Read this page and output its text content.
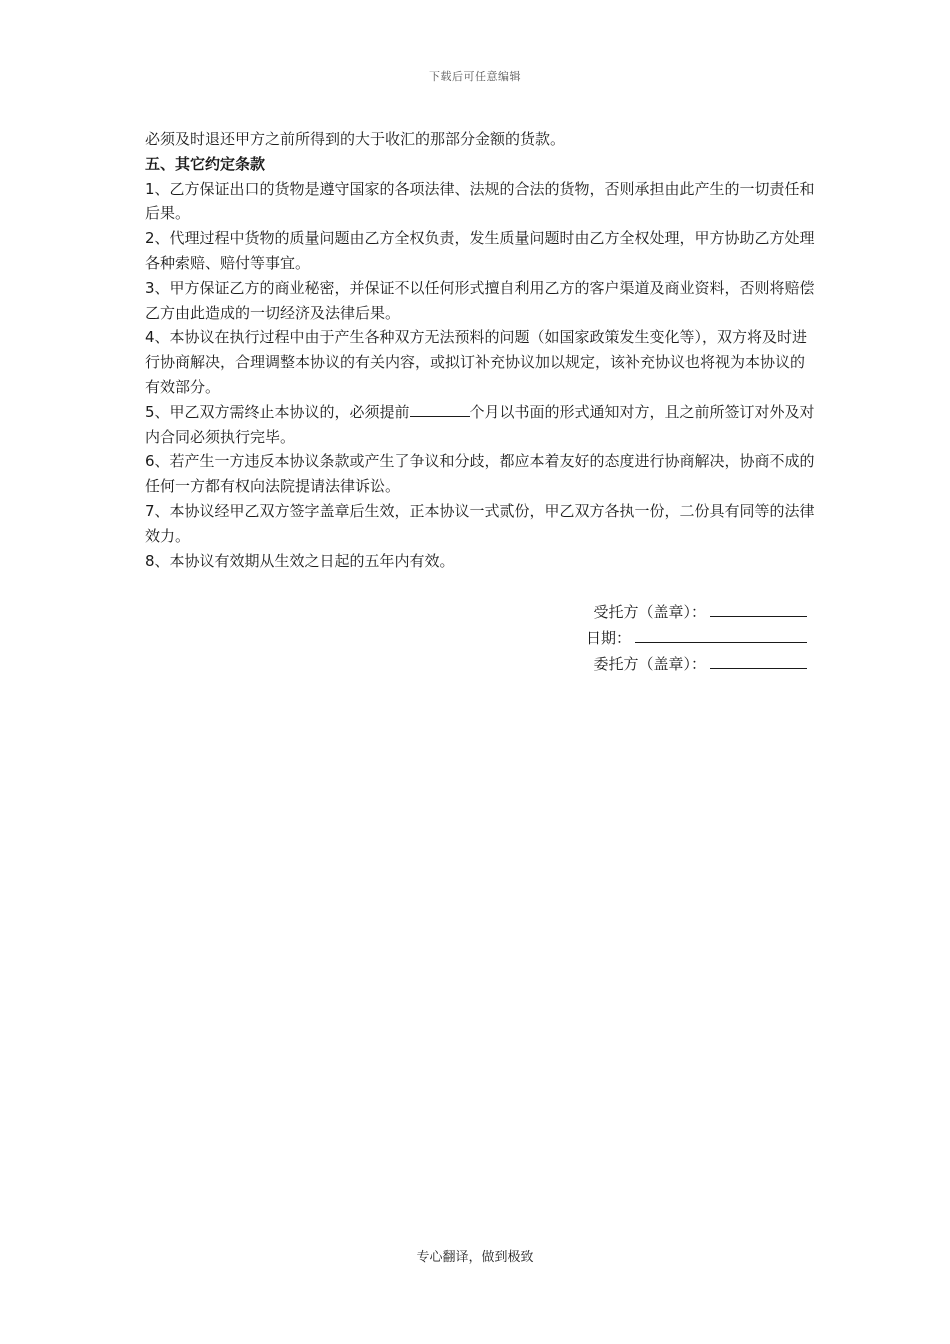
下载后可任意编辑

必须及时退还甲方之前所得到的大于收汇的那部分金额的货款。

五、其它约定条款

1、乙方保证出口的货物是遵守国家的各项法律、法规的合法的货物，否则承担由此产生的一切责任和后果。

2、代理过程中货物的质量问题由乙方全权负责，发生质量问题时由乙方全权处理，甲方协助乙方处理各种索赔、赔付等事宜。

3、甲方保证乙方的商业秘密，并保证不以任何形式擅自利用乙方的客户渠道及商业资料，否则将赔偿乙方由此造成的一切经济及法律后果。

4、本协议在执行过程中由于产生各种双方无法预料的问题（如国家政策发生变化等），双方将及时进行协商解决，合理调整本协议的有关内容，或拟订补充协议加以规定，该补充协议也将视为本协议的有效部分。

5、甲乙双方需终止本协议的，必须提前	个月以书面的形式通知对方，且之前所签订对外及对内合同必须执行完毕。

6、若产生一方违反本协议条款或产生了争议和分歧，都应本着友好的态度进行协商解决，协商不成的任何一方都有权向法院提请法律诉讼。

7、本协议经甲乙双方签字盖章后生效，正本协议一式贰份，甲乙双方各执一份，二份具有同等的法律效力。

8、本协议有效期从生效之日起的五年内有效。

受托方（盖章）：
日期：
委托方（盖章）：
专心翻译，做到极致
